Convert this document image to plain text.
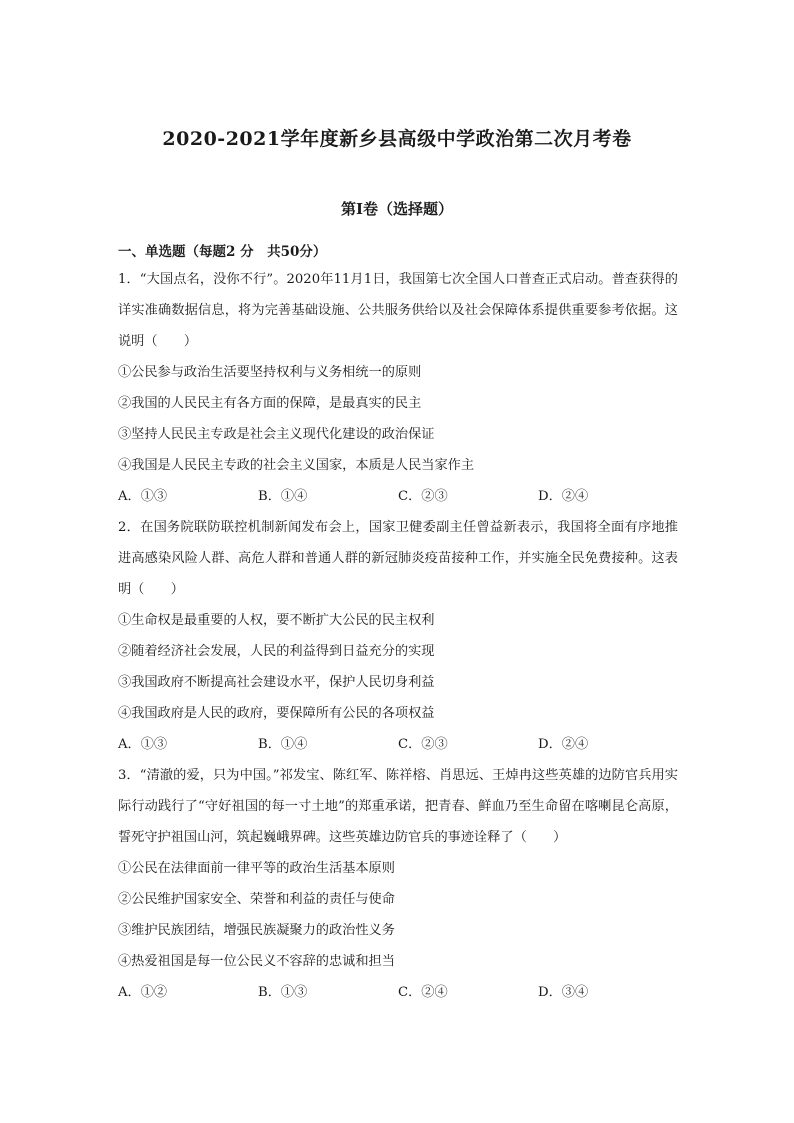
2020-2021学年度新乡县高级中学政治第二次月考卷
第I卷（选择题）
一、单选题（每题2 分　共50分）

1．“大国点名，没你不行”。2020年11月1日，我国第七次全国人口普查正式启动。普查获得的详实准确数据信息，将为完善基础设施、公共服务供给以及社会保障体系提供重要参考依据。这说明（　　）

①公民参与政治生活要坚持权利与义务相统一的原则
②我国的人民民主有各方面的保障，是最真实的民主
③坚持人民民主专政是社会主义现代化建设的政治保证
④我国是人民民主专政的社会主义国家，本质是人民当家作主
A．①③	B．①④	C．②③	D．②④

2．在国务院联防联控机制新闻发布会上，国家卫健委副主任曾益新表示，我国将全面有序地推进高感染风险人群、高危人群和普通人群的新冠肺炎疫苗接种工作，并实施全民免费接种。这表明（　　）

①生命权是最重要的人权，要不断扩大公民的民主权利
②随着经济社会发展，人民的利益得到日益充分的实现
③我国政府不断提高社会建设水平，保护人民切身利益
④我国政府是人民的政府，要保障所有公民的各项权益
A．①③	B．①④	C．②③	D．②④

3．“清澈的爱，只为中国。”祁发宝、陈红军、陈祥榕、肖思远、王焯冉这些英雄的边防官兵用实际行动践行了“守好祖国的每一寸土地”的郑重承诺，把青春、鲜血乃至生命留在喀喇昆仑高原，誓死守护祖国山河，筑起巍峨界碑。这些英雄边防官兵的事迹诠释了（　　）

①公民在法律面前一律平等的政治生活基本原则
②公民维护国家安全、荣誉和利益的责任与使命
③维护民族团结，增强民族凝聚力的政治性义务
④热爱祖国是每一位公民义不容辞的忠诚和担当
A．①②	B．①③	C．②④	D．③④
